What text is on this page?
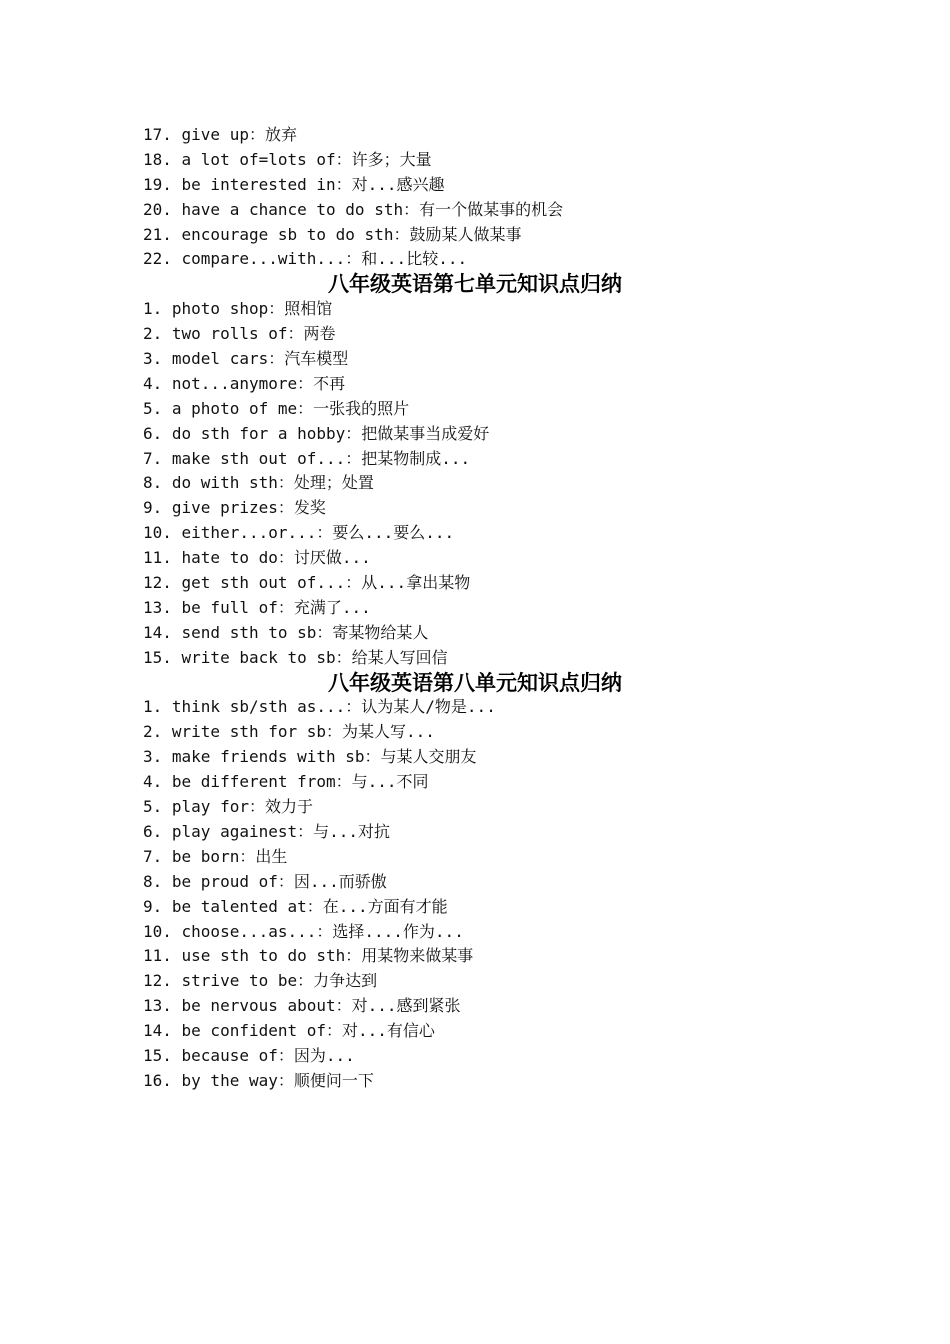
17. give up：放弃
18. a lot of=lots of：许多；大量
19. be interested in：对...感兴趣
20. have a chance to do sth：有一个做某事的机会
21. encourage sb to do sth：鼓励某人做某事
22. compare...with...：和...比较...
八年级英语第七单元知识点归纳
1. photo shop：照相馆
2. two rolls of：两卷
3. model cars：汽车模型
4. not...anymore：不再
5. a photo of me：一张我的照片
6. do sth for a hobby：把做某事当成爱好
7. make sth out of...：把某物制成...
8. do with sth：处理；处置
9. give prizes：发奖
10. either...or...：要么...要么...
11. hate to do：讨厌做...
12. get sth out of...：从...拿出某物
13. be full of：充满了...
14. send sth to sb：寄某物给某人
15. write back to sb：给某人写回信
八年级英语第八单元知识点归纳
1. think sb/sth as...：认为某人/物是...
2. write sth for sb：为某人写...
3. make friends with sb：与某人交朋友
4. be different from：与...不同
5. play for：效力于
6. play againest：与...对抗
7. be born：出生
8. be proud of：因...而骄傲
9. be talented at：在...方面有才能
10. choose...as...：选择....作为...
11. use sth to do sth：用某物来做某事
12. strive to be：力争达到
13. be nervous about：对...感到紧张
14. be confident of：对...有信心
15. because of：因为...
16. by the way：顺便问一下
